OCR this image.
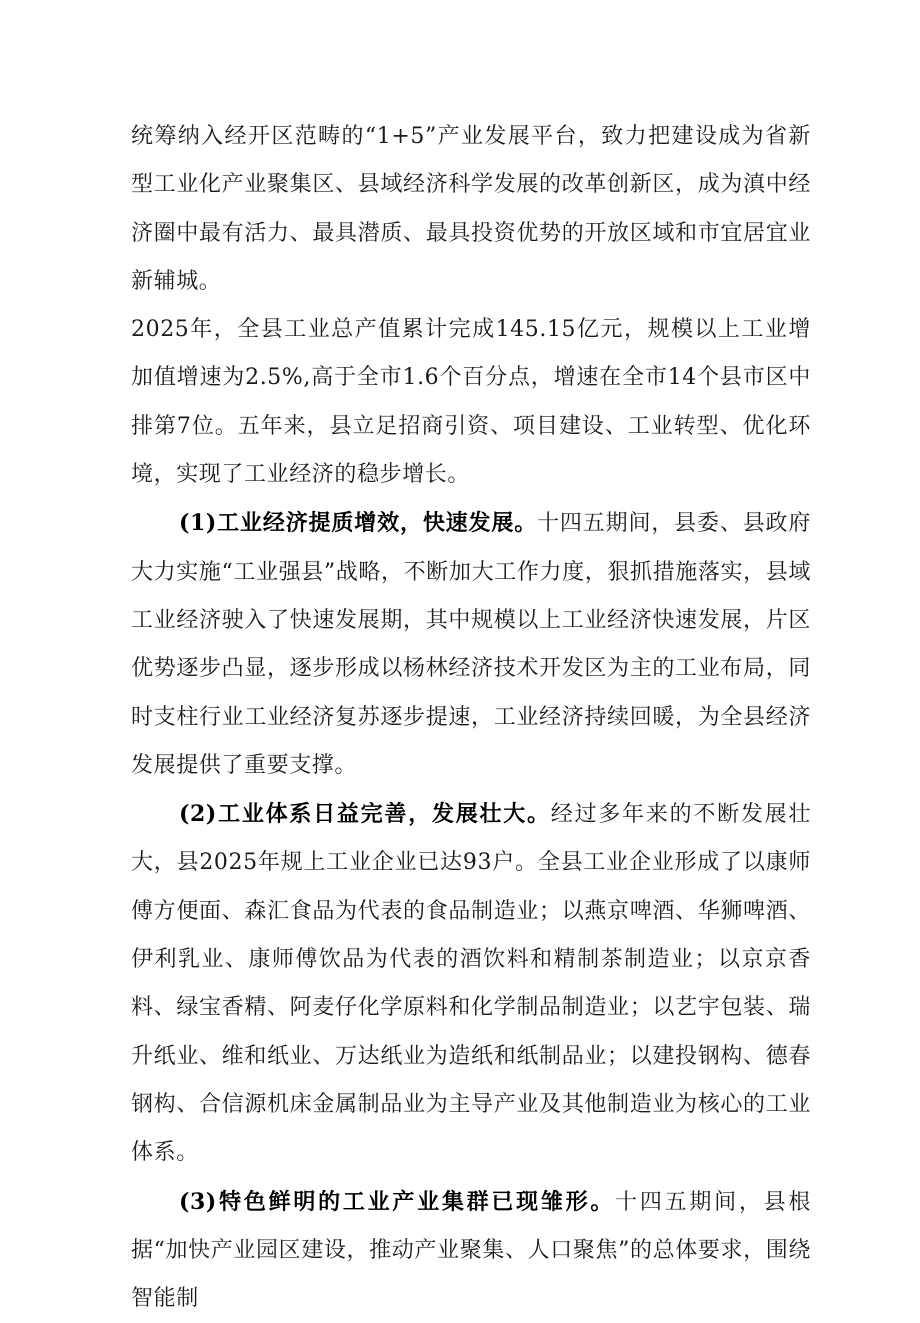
统筹纳入经开区范畴的“1+5”产业发展平台，致力把建设成为省新型工业化产业聚集区、县域经济科学发展的改革创新区，成为滇中经济圈中最有活力、最具潜质、最具投资优势的开放区域和市宜居宜业新辅城。

2025年，全县工业总产值累计完成145.15亿元，规模以上工业增加值增速为2.5%,高于全市1.6个百分点，增速在全市14个县市区中排第7位。五年来，县立足招商引资、项目建设、工业转型、优化环境，实现了工业经济的稳步增长。

(1)工业经济提质增效，快速发展。十四五期间，县委、县政府大力实施“工业强县”战略，不断加大工作力度，狠抓措施落实，县域工业经济驶入了快速发展期，其中规模以上工业经济快速发展，片区优势逐步凸显，逐步形成以杨林经济技术开发区为主的工业布局，同时支柱行业工业经济复苏逐步提速，工业经济持续回暖，为全县经济发展提供了重要支撑。

(2)工业体系日益完善，发展壮大。经过多年来的不断发展壮大，县2025年规上工业企业已达93户。全县工业企业形成了以康师傅方便面、森汇食品为代表的食品制造业；以燕京啤酒、华狮啤酒、伊利乳业、康师傅饮品为代表的酒饮料和精制茶制造业；以京京香料、绿宝香精、阿麦仔化学原料和化学制品制造业；以艺宇包装、瑞升纸业、维和纸业、万达纸业为造纸和纸制品业；以建投钢构、德春钢构、合信源机床金属制品业为主导产业及其他制造业为核心的工业体系。

(3)特色鲜明的工业产业集群已现雏形。十四五期间，县根据“加快产业园区建设，推动产业聚集、人口聚焦”的总体要求，围绕智能制
